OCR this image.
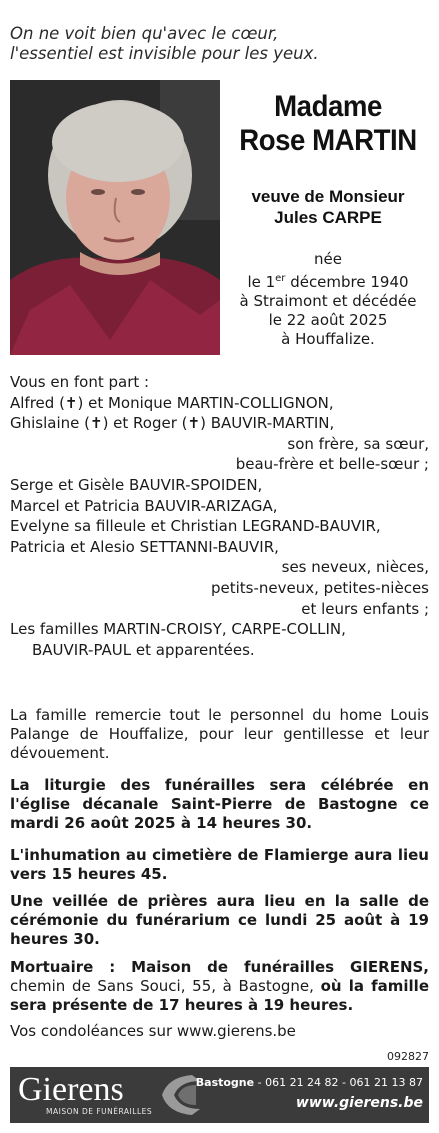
On ne voit bien qu'avec le cœur,
l'essentiel est invisible pour les yeux.
Madame
Rose MARTIN
veuve de Monsieur
Jules CARPE
née
le 1er décembre 1940
à Straimont et décédée
le 22 août 2025
à Houffalize.
Vous en font part :
Alfred (✝) et Monique MARTIN-COLLIGNON,
Ghislaine (✝) et Roger (✝) BAUVIR-MARTIN,
son frère, sa sœur,
beau-frère et belle-sœur ;
Serge et Gisèle BAUVIR-SPOIDEN,
Marcel et Patricia BAUVIR-ARIZAGA,
Evelyne sa filleule et Christian LEGRAND-BAUVIR,
Patricia et Alesio SETTANNI-BAUVIR,
ses neveux, nièces,
petits-neveux, petites-nièces
et leurs enfants ;
Les familles MARTIN-CROISY, CARPE-COLLIN,
BAUVIR-PAUL et apparentées.
La famille remercie tout le personnel du home Louis Palange de Houffalize, pour leur gentillesse et leur dévouement.
La liturgie des funérailles sera célébrée en l'église décanale Saint-Pierre de Bastogne ce mardi 26 août 2025 à 14 heures 30.
L'inhumation au cimetière de Flamierge aura lieu vers 15 heures 45.
Une veillée de prières aura lieu en la salle de cérémonie du funérarium ce lundi 25 août à 19 heures 30.
Mortuaire : Maison de funérailles GIERENS, chemin de Sans Souci, 55, à Bastogne, où la famille sera présente de 17 heures à 19 heures.
Vos condoléances sur www.gierens.be
092827
Gierens
MAISON DE FUNÉRAILLES
Bastogne - 061 21 24 82 - 061 21 13 87
www.gierens.be
